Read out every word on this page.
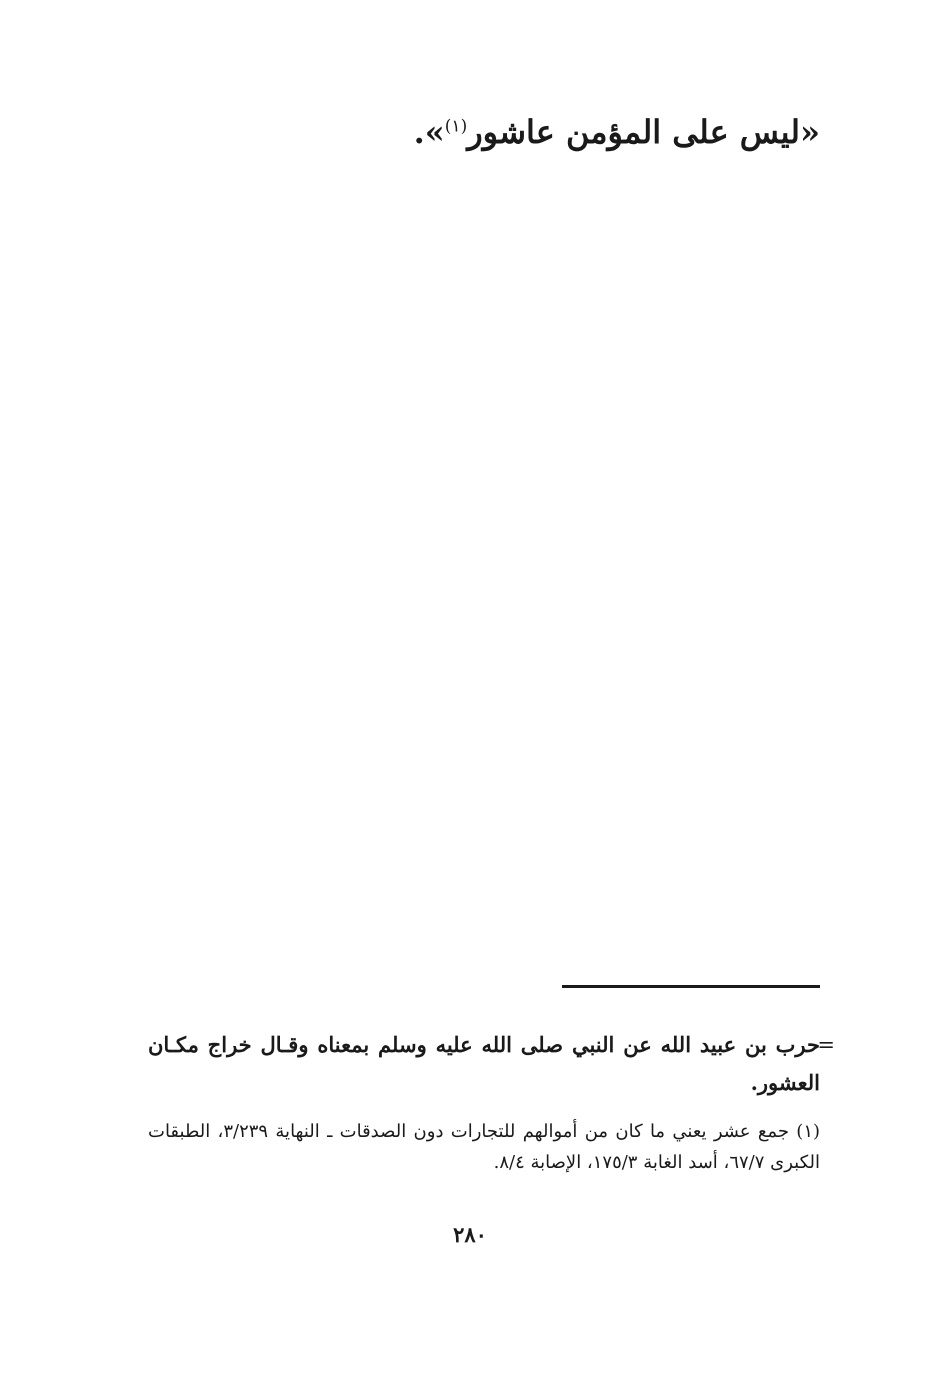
«ليس على المؤمن عاشور$^{(١)}$».
=
حرب بن عبيد الله عن النبي صلى الله عليه وسلم بمعناه وقـال خراج مكـان العشور.
(١) جمع عشر يعني ما كان من أموالهم للتجارات دون الصدقات ـ النهاية ٣/٢٣٩، الطبقات الكبرى ٦٧/٧، أسد الغابة ١٧٥/٣، الإصابة ٨/٤.
٢٨٠
